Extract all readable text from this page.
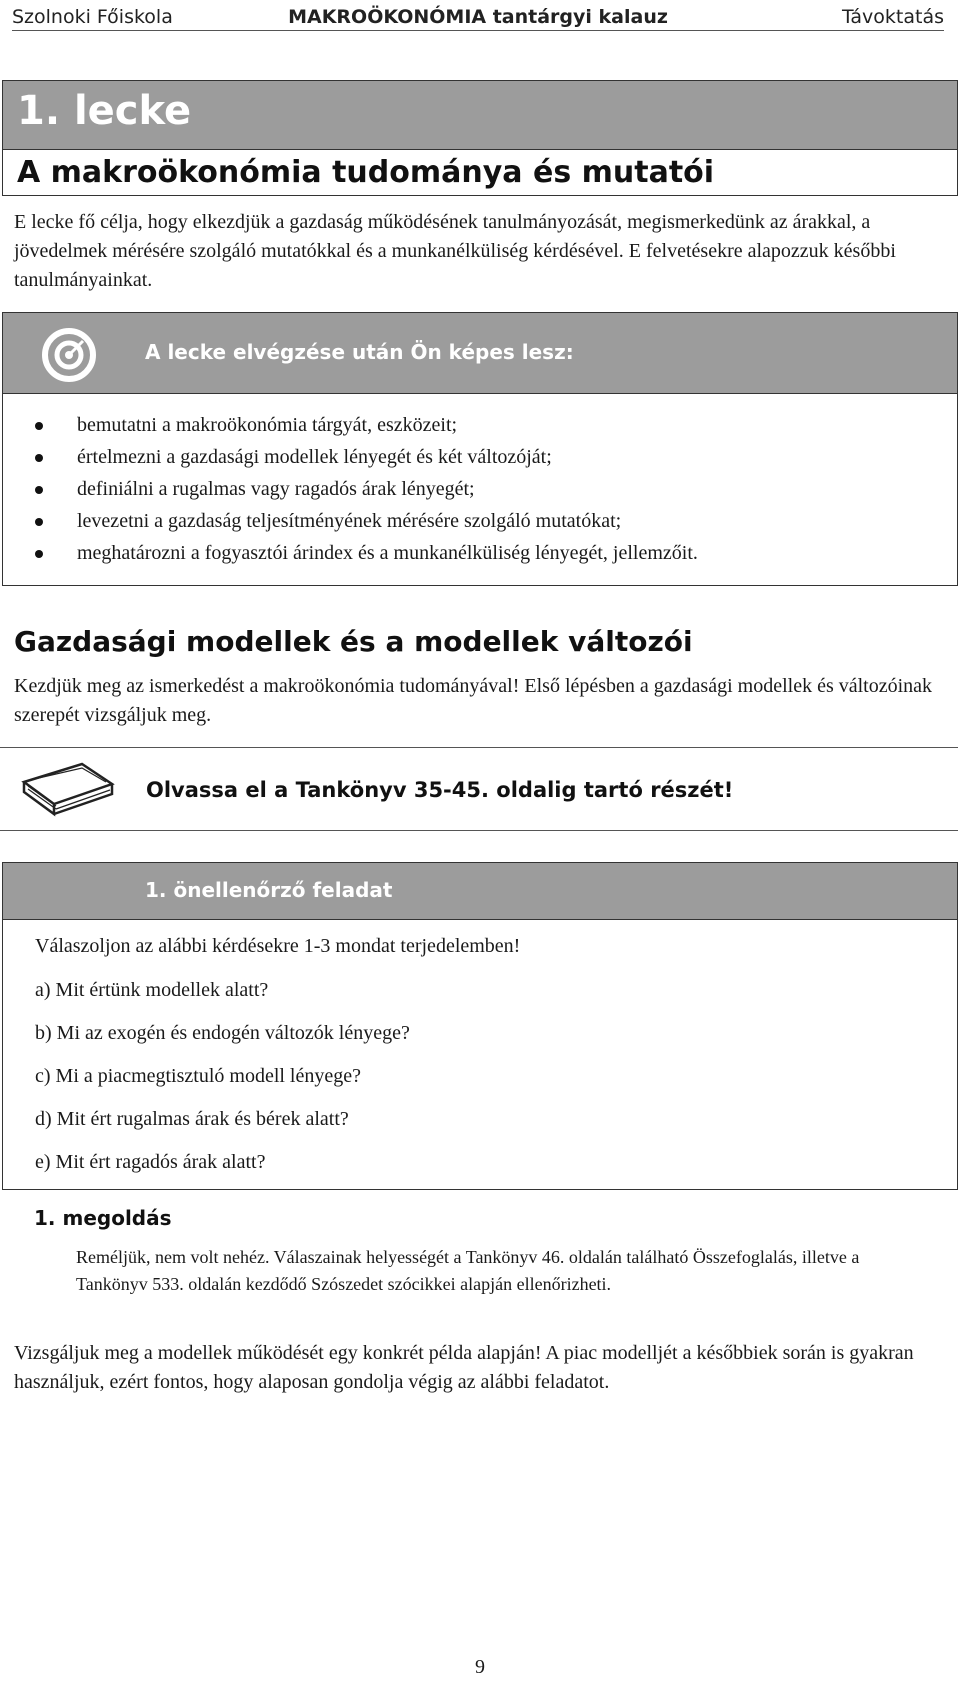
Szolnoki Főiskola	MAKROÖKONÓMIA tantárgyi kalauz	Távoktatás
1. lecke
A makroökonómia tudománya és mutatói

E lecke fő célja, hogy elkezdjük a gazdaság működésének tanulmányozását, megismerkedünk az árakkal, a jövedelmek mérésére szolgáló mutatókkal és a munkanélküliség kérdésével. E felvetésekre alapozzuk későbbi tanulmányainkat.

A lecke elvégzése után Ön képes lesz:
bemutatni a makroökonómia tárgyát, eszközeit;
értelmezni a gazdasági modellek lényegét és két változóját;
definiálni a rugalmas vagy ragadós árak lényegét;
levezetni a gazdaság teljesítményének mérésére szolgáló mutatókat;
meghatározni a fogyasztói árindex és a munkanélküliség lényegét, jellemzőit.
Gazdasági modellek és a modellek változói

Kezdjük meg az ismerkedést a makroökonómia tudományával! Első lépésben a gazdasági modellek és változóinak szerepét vizsgáljuk meg.

Olvassa el a Tankönyv 35-45. oldalig tartó részét!
1. önellenőrző feladat
Válaszoljon az alábbi kérdésekre 1-3 mondat terjedelemben!
a) Mit értünk modellek alatt?
b) Mi az exogén és endogén változók lényege?
c) Mi a piacmegtisztuló modell lényege?
d) Mit ért rugalmas árak és bérek alatt?
e) Mit ért ragadós árak alatt?
1. megoldás

Reméljük, nem volt nehéz. Válaszainak helyességét a Tankönyv 46. oldalán található Összefoglalás, illetve a Tankönyv 533. oldalán kezdődő Szószedet szócikkei alapján ellenőrizheti.

Vizsgáljuk meg a modellek működését egy konkrét példa alapján! A piac modelljét a későbbiek során is gyakran használjuk, ezért fontos, hogy alaposan gondolja végig az alábbi feladatot.

9
